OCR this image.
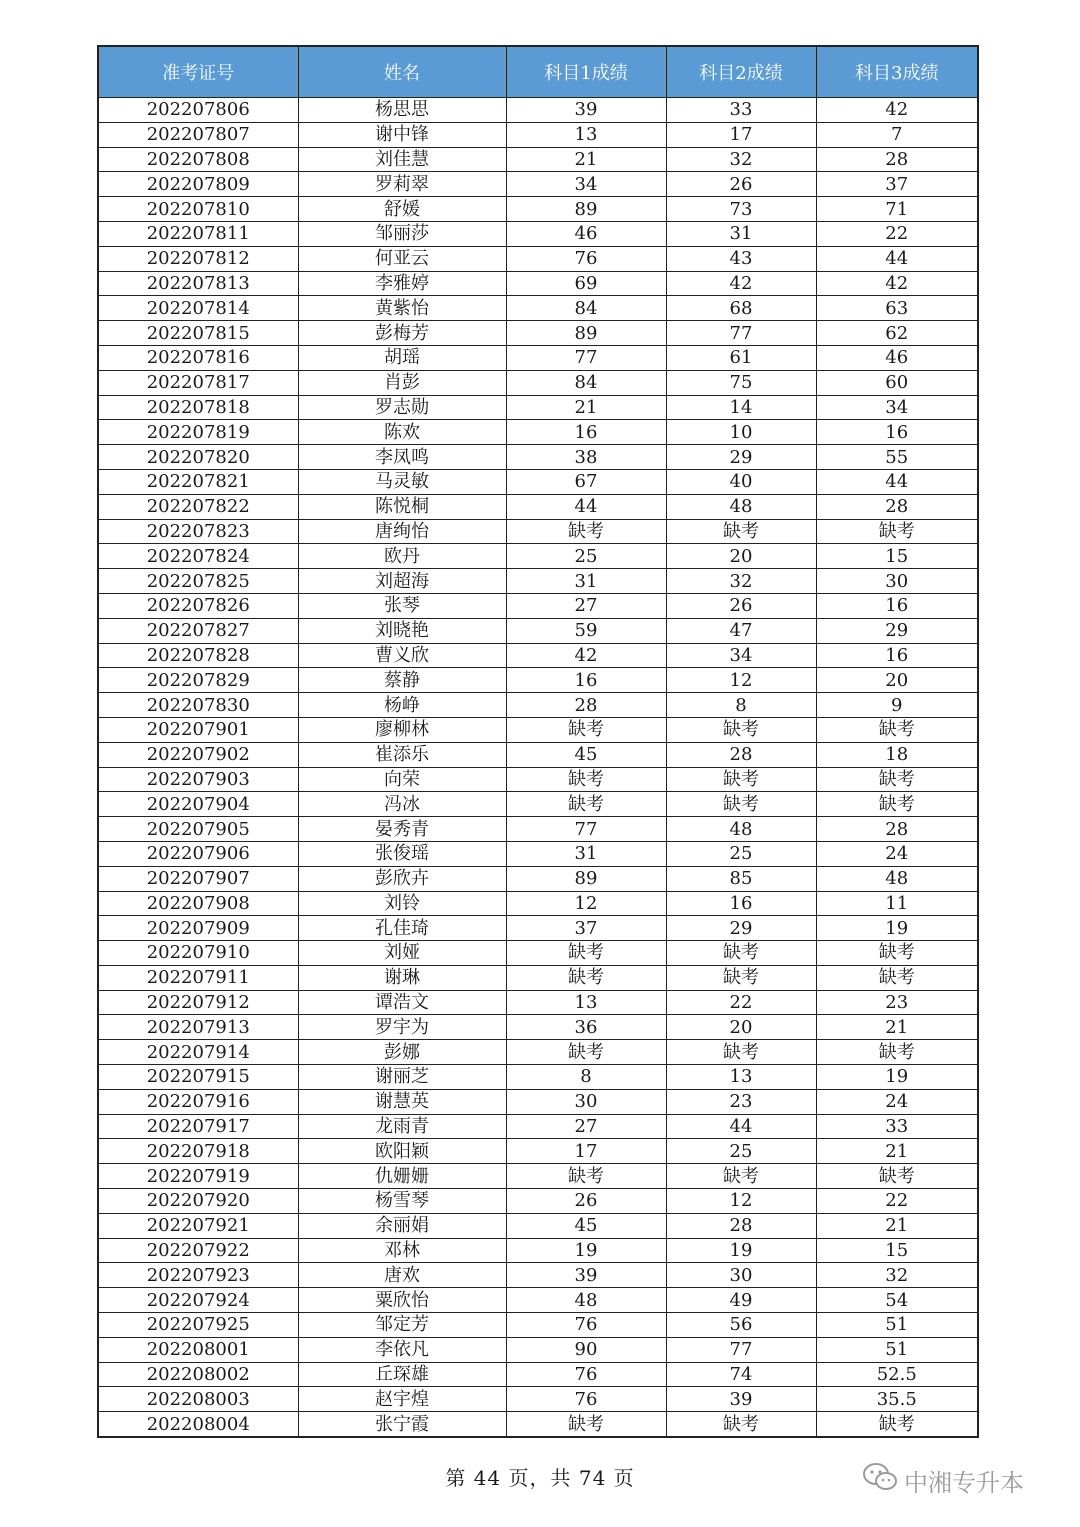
准考证号	姓名	科目1成绩	科目2成绩	科目3成绩
202207806	杨思思	39	33	42
202207807	谢中锋	13	17	7
202207808	刘佳慧	21	32	28
202207809	罗莉翠	34	26	37
202207810	舒媛	89	73	71
202207811	邹丽莎	46	31	22
202207812	何亚云	76	43	44
202207813	李雅婷	69	42	42
202207814	黄紫怡	84	68	63
202207815	彭梅芳	89	77	62
202207816	胡瑶	77	61	46
202207817	肖彭	84	75	60
202207818	罗志勋	21	14	34
202207819	陈欢	16	10	16
202207820	李凤鸣	38	29	55
202207821	马灵敏	67	40	44
202207822	陈悦桐	44	48	28
202207823	唐绚怡	缺考	缺考	缺考
202207824	欧丹	25	20	15
202207825	刘超海	31	32	30
202207826	张琴	27	26	16
202207827	刘晓艳	59	47	29
202207828	曹义欣	42	34	16
202207829	蔡静	16	12	20
202207830	杨峥	28	8	9
202207901	廖柳林	缺考	缺考	缺考
202207902	崔添乐	45	28	18
202207903	向荣	缺考	缺考	缺考
202207904	冯冰	缺考	缺考	缺考
202207905	晏秀青	77	48	28
202207906	张俊瑶	31	25	24
202207907	彭欣卉	89	85	48
202207908	刘铃	12	16	11
202207909	孔佳琦	37	29	19
202207910	刘娅	缺考	缺考	缺考
202207911	谢琳	缺考	缺考	缺考
202207912	谭浩文	13	22	23
202207913	罗宇为	36	20	21
202207914	彭娜	缺考	缺考	缺考
202207915	谢丽芝	8	13	19
202207916	谢慧英	30	23	24
202207917	龙雨青	27	44	33
202207918	欧阳颖	17	25	21
202207919	仇姗姗	缺考	缺考	缺考
202207920	杨雪琴	26	12	22
202207921	余丽娟	45	28	21
202207922	邓林	19	19	15
202207923	唐欢	39	30	32
202207924	粟欣怡	48	49	54
202207925	邹定芳	76	56	51
202208001	李依凡	90	77	51
202208002	丘琛雄	76	74	52.5
202208003	赵宇煌	76	39	35.5
202208004	张宁霞	缺考	缺考	缺考
第 44 页，共 74 页	中湘专升本
